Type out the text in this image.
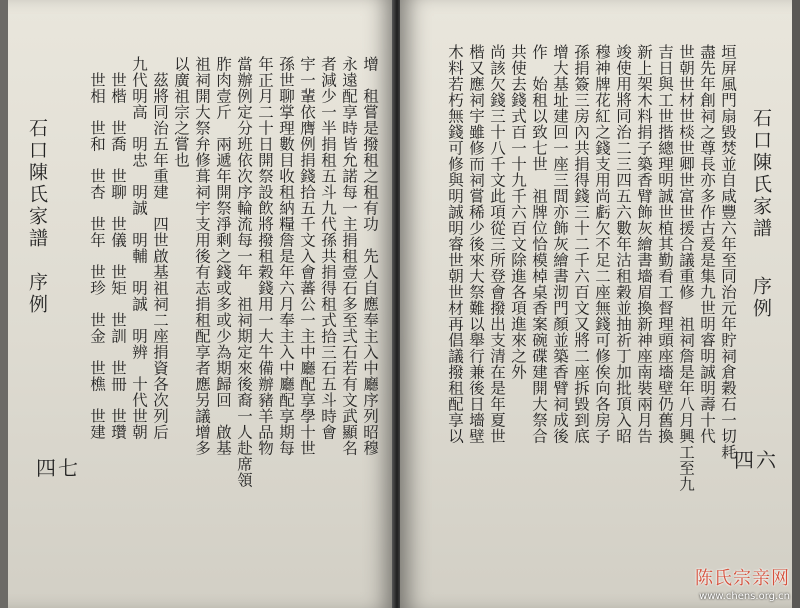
石口陳氏家譜
序例
四七
增　租嘗是撥租之租有功　先人自應奉主入中廳序列昭穆
永遠配享時皆允諾每一主捐租壹石多至弍石若有文武顯名
者減少一半捐租五斗九代孫共捐得租式拾三石五斗時會
宇一輩依膺例捐錢拾五千文入會蕃公一主中廳配享學十世
孫世聊掌理數目收租納糧詹是年六月奉主入中廳配享期每
年正月二十日開祭設飲將撥租穀錢用一大牛備辦豬羊品物
當辦例定分班依次序輪流每一年　祖祠期定來後裔一人赴席領
胙肉壹斤　兩遞年開祭淨剩之錢或多或少為期歸回　啟基
祖祠開大祭弁修葺祠宇支用後有志捐租配享者應另議增多
以廣祖宗之嘗也
　茲將同治五年重建　四世啟基祖祠二座捐資各次列后
九代明高　明忠　明誠　明輔　明誠　明辨　十代世朝
　世楷　世喬　世聊　世儀　世矩　世訓　世冊　世瓚
　世相　世和　世杏　世年　世珍　世金　世樵　世建	石口陳氏家譜
序例
四六
垣屏風門扇毀焚並自咸豐六年至同治元年貯祠倉穀石一切耗
盡先年創祠之尊長亦多作古爰是集九世明睿明誠明壽十代
世朝世材世棪世卿世富世援合議重修　祖祠詹是年八月興工至九
吉日與工世揩總理明誠世植其勤看工督理頭座墻壁仍舊換
新上架木料捐子築香臂飾灰繪書墻眉換新神座南裝兩月告
竣使用將同治二三四五六數年沽租穀並抽祈丁加批頂入昭
穆神牌花紅之錢支用尚虧欠不足二座無錢可修俟向各房子
孫捐簽三房內共捐得錢三十二千六百文又將二座拆毀到底
增大基址建回一座三間亦飾灰繪書沏門顏並築香臂祠成後
作　始租以致七世　祖牌位恰模棹桌香案碗碟建開大祭合
共使去錢式百一十九千六百文除進各項進來之外
尚該欠錢三十八千文此項從三所登會撥出支清在是年夏世
楷又應祠宇雖修而祠嘗稀少後來大祭難以舉行兼後日墻壁
木料若朽無錢可修與明誠明睿世朝世材再倡議撥租配享以
陈氏宗亲网
www.chens.org.cn
